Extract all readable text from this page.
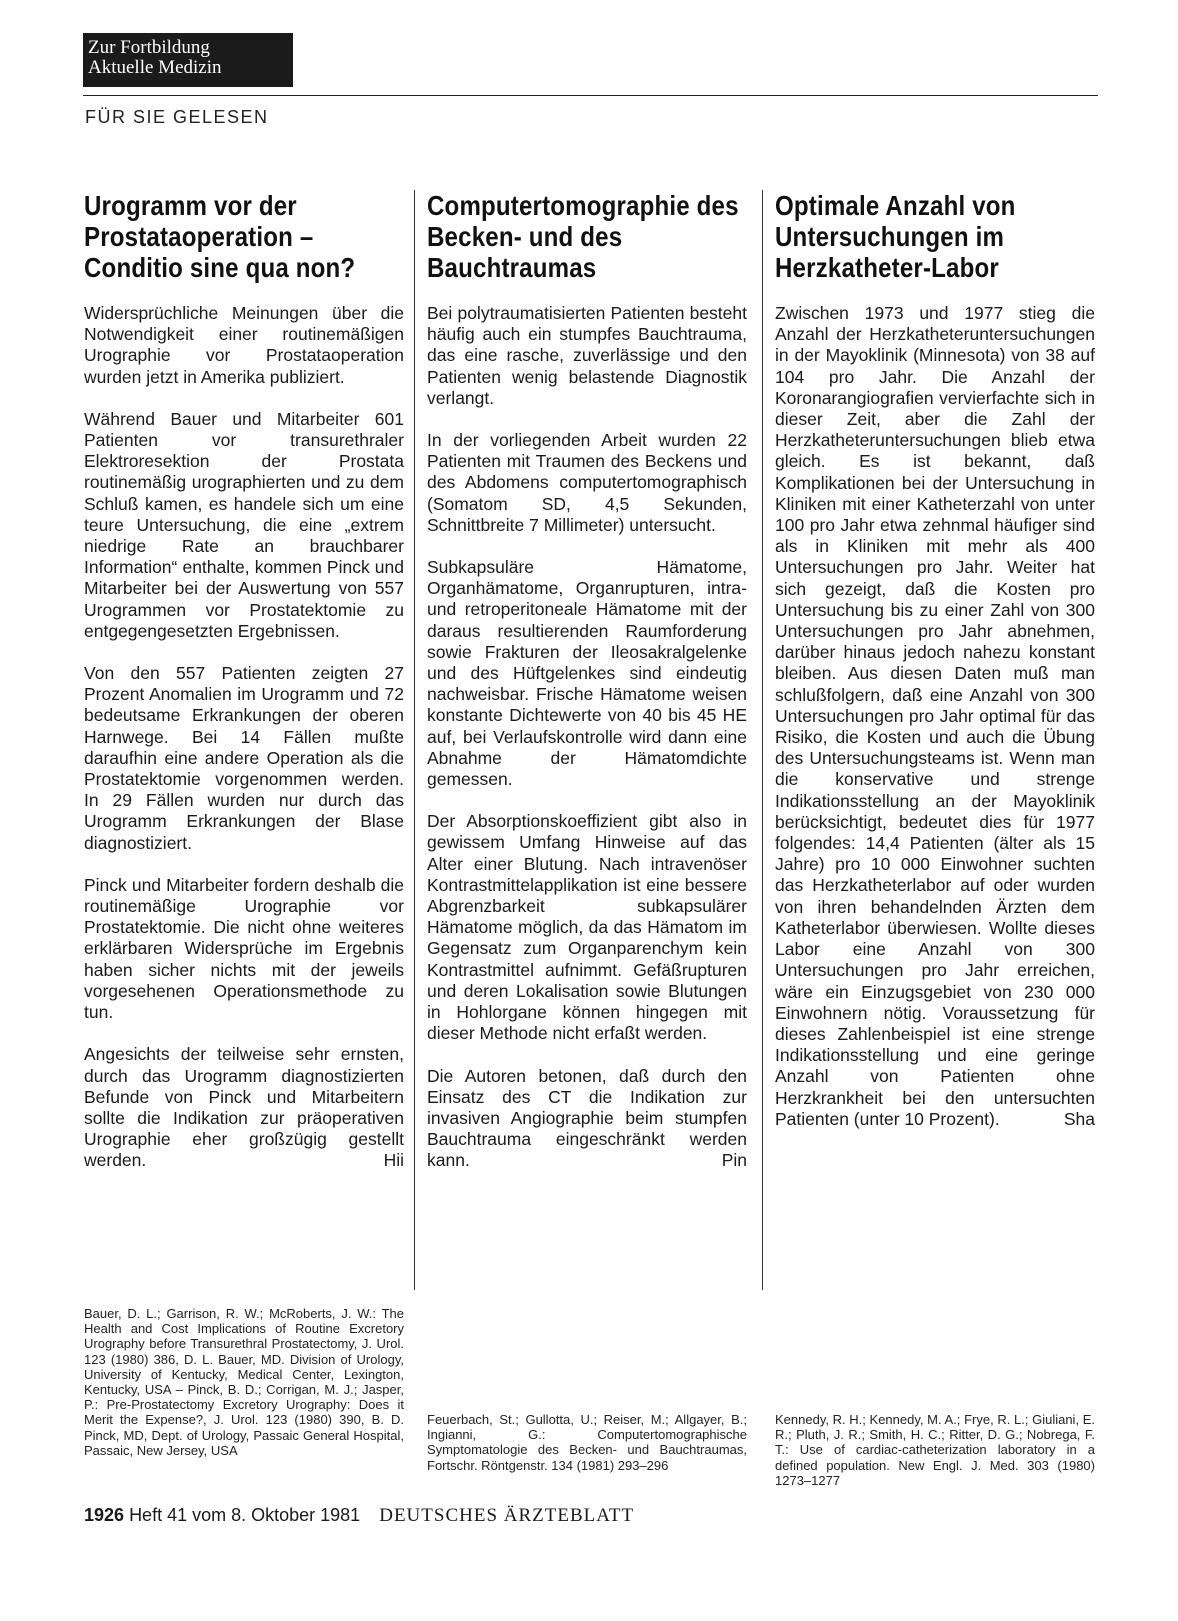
Zur Fortbildung
Aktuelle Medizin
FÜR SIE GELESEN
Urogramm vor der Prostataoperation – Conditio sine qua non?

Widersprüchliche Meinungen über die Notwendigkeit einer routinemäßigen Urographie vor Prostataoperation wurden jetzt in Amerika publiziert.

Während Bauer und Mitarbeiter 601 Patienten vor transurethraler Elektroresektion der Prostata routinemäßig urographierten und zu dem Schluß kamen, es handele sich um eine teure Untersuchung, die eine „extrem niedrige Rate an brauchbarer Information“ enthalte, kommen Pinck und Mitarbeiter bei der Auswertung von 557 Urogrammen vor Prostatektomie zu entgegengesetzten Ergebnissen.

Von den 557 Patienten zeigten 27 Prozent Anomalien im Urogramm und 72 bedeutsame Erkrankungen der oberen Harnwege. Bei 14 Fällen mußte daraufhin eine andere Operation als die Prostatektomie vorgenommen werden. In 29 Fällen wurden nur durch das Urogramm Erkrankungen der Blase diagnostiziert.

Pinck und Mitarbeiter fordern deshalb die routinemäßige Urographie vor Prostatektomie. Die nicht ohne weiteres erklärbaren Widersprüche im Ergebnis haben sicher nichts mit der jeweils vorgesehenen Operationsmethode zu tun.

Angesichts der teilweise sehr ernsten, durch das Urogramm diagnostizierten Befunde von Pinck und Mitarbeitern sollte die Indikation zur präoperativen Urographie eher großzügig gestellt werden.	Hii

Computertomographie des Becken- und des Bauchtraumas

Bei polytraumatisierten Patienten besteht häufig auch ein stumpfes Bauchtrauma, das eine rasche, zuverlässige und den Patienten wenig belastende Diagnostik verlangt.

In der vorliegenden Arbeit wurden 22 Patienten mit Traumen des Beckens und des Abdomens computertomographisch (Somatom SD, 4,5 Sekunden, Schnittbreite 7 Millimeter) untersucht.

Subkapsuläre Hämatome, Organhämatome, Organrupturen, intra- und retroperitoneale Hämatome mit der daraus resultierenden Raumforderung sowie Frakturen der Ileosakralgelenke und des Hüftgelenkes sind eindeutig nachweisbar. Frische Hämatome weisen konstante Dichtewerte von 40 bis 45 HE auf, bei Verlaufskontrolle wird dann eine Abnahme der Hämatomdichte gemessen.

Der Absorptionskoeffizient gibt also in gewissem Umfang Hinweise auf das Alter einer Blutung. Nach intravenöser Kontrastmittelapplikation ist eine bessere Abgrenzbarkeit subkapsulärer Hämatome möglich, da das Hämatom im Gegensatz zum Organparenchym kein Kontrastmittel aufnimmt. Gefäßrupturen und deren Lokalisation sowie Blutungen in Hohlorgane können hingegen mit dieser Methode nicht erfaßt werden.

Die Autoren betonen, daß durch den Einsatz des CT die Indikation zur invasiven Angiographie beim stumpfen Bauchtrauma eingeschränkt werden kann.	Pin

Optimale Anzahl von Untersuchungen im Herzkatheter-Labor

Zwischen 1973 und 1977 stieg die Anzahl der Herzkatheteruntersuchungen in der Mayoklinik (Minnesota) von 38 auf 104 pro Jahr. Die Anzahl der Koronarangiografien vervierfachte sich in dieser Zeit, aber die Zahl der Herzkatheteruntersuchungen blieb etwa gleich. Es ist bekannt, daß Komplikationen bei der Untersuchung in Kliniken mit einer Katheterzahl von unter 100 pro Jahr etwa zehnmal häufiger sind als in Kliniken mit mehr als 400 Untersuchungen pro Jahr. Weiter hat sich gezeigt, daß die Kosten pro Untersuchung bis zu einer Zahl von 300 Untersuchungen pro Jahr abnehmen, darüber hinaus jedoch nahezu konstant bleiben. Aus diesen Daten muß man schlußfolgern, daß eine Anzahl von 300 Untersuchungen pro Jahr optimal für das Risiko, die Kosten und auch die Übung des Untersuchungsteams ist. Wenn man die konservative und strenge Indikationsstellung an der Mayoklinik berücksichtigt, bedeutet dies für 1977 folgendes: 14,4 Patienten (älter als 15 Jahre) pro 10 000 Einwohner suchten das Herzkatheterlabor auf oder wurden von ihren behandelnden Ärzten dem Katheterlabor überwiesen. Wollte dieses Labor eine Anzahl von 300 Untersuchungen pro Jahr erreichen, wäre ein Einzugsgebiet von 230 000 Einwohnern nötig. Voraussetzung für dieses Zahlenbeispiel ist eine strenge Indikationsstellung und eine geringe Anzahl von Patienten ohne Herzkrankheit bei den untersuchten Patienten (unter 10 Prozent).	Sha

Bauer, D. L.; Garrison, R. W.; McRoberts, J. W.: The Health and Cost Implications of Routine Excretory Urography before Transurethral Prostatectomy, J. Urol. 123 (1980) 386, D. L. Bauer, MD. Division of Urology, University of Kentucky, Medical Center, Lexington, Kentucky, USA – Pinck, B. D.; Corrigan, M. J.; Jasper, P.: Pre-Prostatectomy Excretory Urography: Does it Merit the Expense?, J. Urol. 123 (1980) 390, B. D. Pinck, MD, Dept. of Urology, Passaic General Hospital, Passaic, New Jersey, USA
Feuerbach, St.; Gullotta, U.; Reiser, M.; Allgayer, B.; Ingianni, G.: Computertomographische Symptomatologie des Becken- und Bauchtraumas, Fortschr. Röntgenstr. 134 (1981) 293–296
Kennedy, R. H.; Kennedy, M. A.; Frye, R. L.; Giuliani, E. R.; Pluth, J. R.; Smith, H. C.; Ritter, D. G.; Nobrega, F. T.: Use of cardiac-catheterization laboratory in a defined population. New Engl. J. Med. 303 (1980) 1273–1277
1926 Heft 41 vom 8. Oktober 1981 DEUTSCHES ÄRZTEBLATT
